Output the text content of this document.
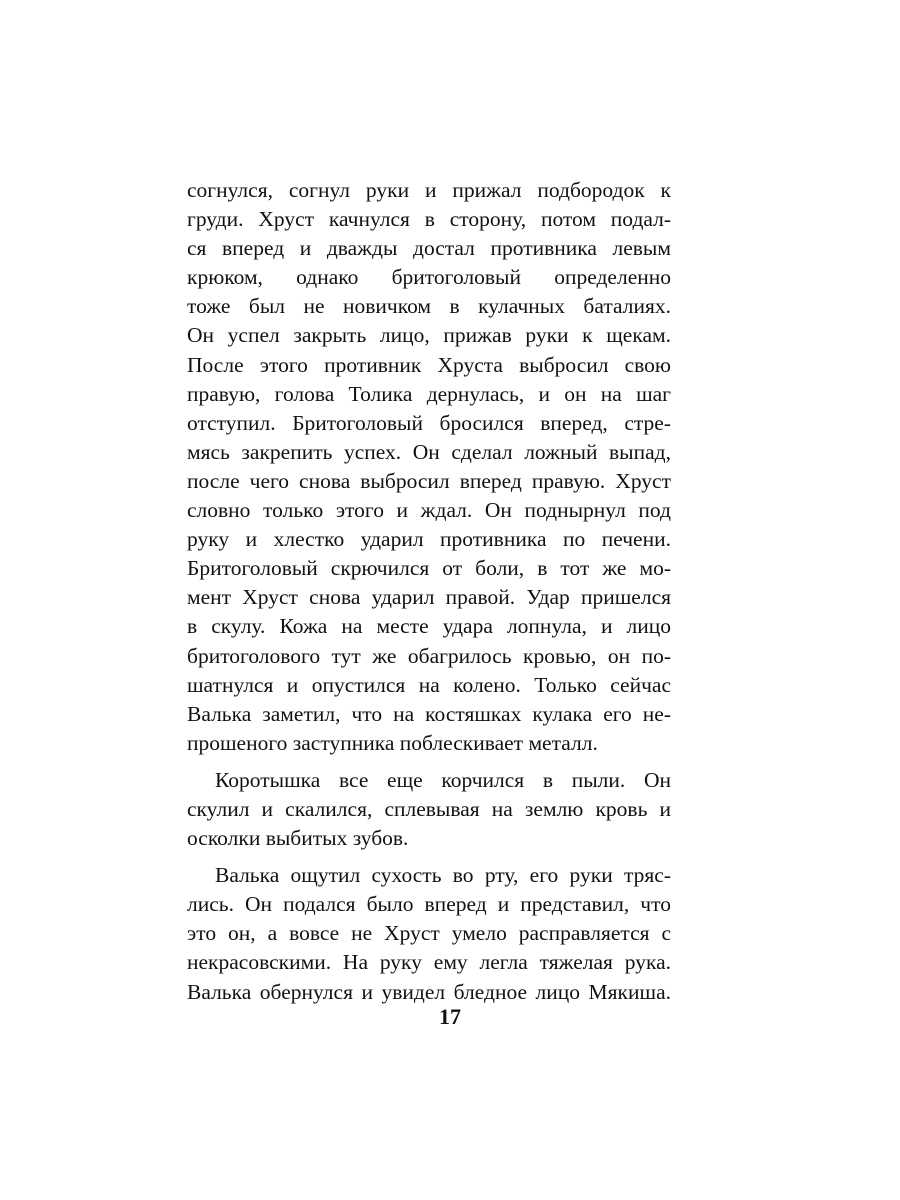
согнулся, согнул руки и прижал подбородок к
груди. Хруст качнулся в сторону, потом подал-
ся вперед и дважды достал противника левым
крюком, однако бритоголовый определенно
тоже был не новичком в кулачных баталиях.
Он успел закрыть лицо, прижав руки к щекам.
После этого противник Хруста выбросил свою
правую, голова Толика дернулась, и он на шаг
отступил. Бритоголовый бросился вперед, стре-
мясь закрепить успех. Он сделал ложный выпад,
после чего снова выбросил вперед правую. Хруст
словно только этого и ждал. Он поднырнул под
руку и хлестко ударил противника по печени.
Бритоголовый скрючился от боли, в тот же мо-
мент Хруст снова ударил правой. Удар пришелся
в скулу. Кожа на месте удара лопнула, и лицо
бритоголового тут же обагрилось кровью, он по-
шатнулся и опустился на колено. Только сейчас
Валька заметил, что на костяшках кулака его не-
прошеного заступника поблескивает металл.
Коротышка все еще корчился в пыли. Он
скулил и скалился, сплевывая на землю кровь и
осколки выбитых зубов.
Валька ощутил сухость во рту, его руки тряс-
лись. Он подался было вперед и представил, что
это он, а вовсе не Хруст умело расправляется с
некрасовскими. На руку ему легла тяжелая рука.
Валька обернулся и увидел бледное лицо Мякиша.
17
